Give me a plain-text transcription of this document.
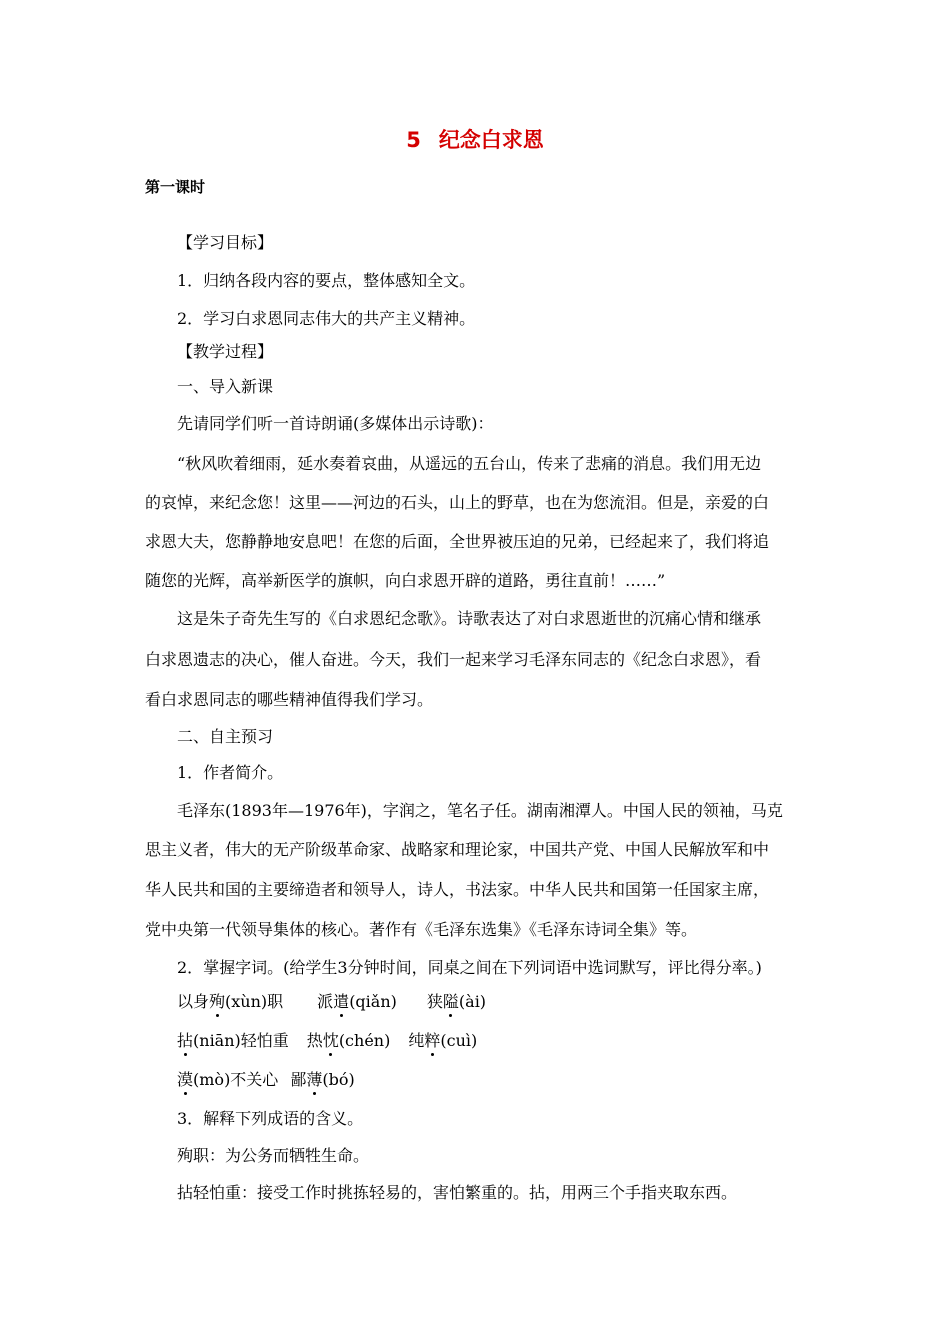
5 纪念白求恩
第一课时
【学习目标】
1．归纳各段内容的要点，整体感知全文。
2．学习白求恩同志伟大的共产主义精神。
【教学过程】
一、导入新课
先请同学们听一首诗朗诵(多媒体出示诗歌)：
“秋风吹着细雨，延水奏着哀曲，从遥远的五台山，传来了悲痛的消息。我们用无边
的哀悼，来纪念您！这里——河边的石头，山上的野草，也在为您流泪。但是，亲爱的白
求恩大夫，您静静地安息吧！在您的后面，全世界被压迫的兄弟，已经起来了，我们将追
随您的光辉，高举新医学的旗帜，向白求恩开辟的道路，勇往直前！……”
这是朱子奇先生写的《白求恩纪念歌》。诗歌表达了对白求恩逝世的沉痛心情和继承
白求恩遗志的决心，催人奋进。今天，我们一起来学习毛泽东同志的《纪念白求恩》，看
看白求恩同志的哪些精神值得我们学习。
二、自主预习
1．作者简介。
毛泽东(1893年—1976年)，字润之，笔名子任。湖南湘潭人。中国人民的领袖，马克
思主义者，伟大的无产阶级革命家、战略家和理论家，中国共产党、中国人民解放军和中
华人民共和国的主要缔造者和领导人，诗人，书法家。中华人民共和国第一任国家主席，
党中央第一代领导集体的核心。著作有《毛泽东选集》《毛泽东诗词全集》等。
2．掌握字词。(给学生3分钟时间，同桌之间在下列词语中选词默写，评比得分率。)
以身殉(xùn)职 派遣(qiǎn) 狭隘(ài)
拈(niān)轻怕重 热忱(chén) 纯粹(cuì)
漠(mò)不关心 鄙薄(bó)
3．解释下列成语的含义。
殉职：为公务而牺牲生命。
拈轻怕重：接受工作时挑拣轻易的，害怕繁重的。拈，用两三个手指夹取东西。
